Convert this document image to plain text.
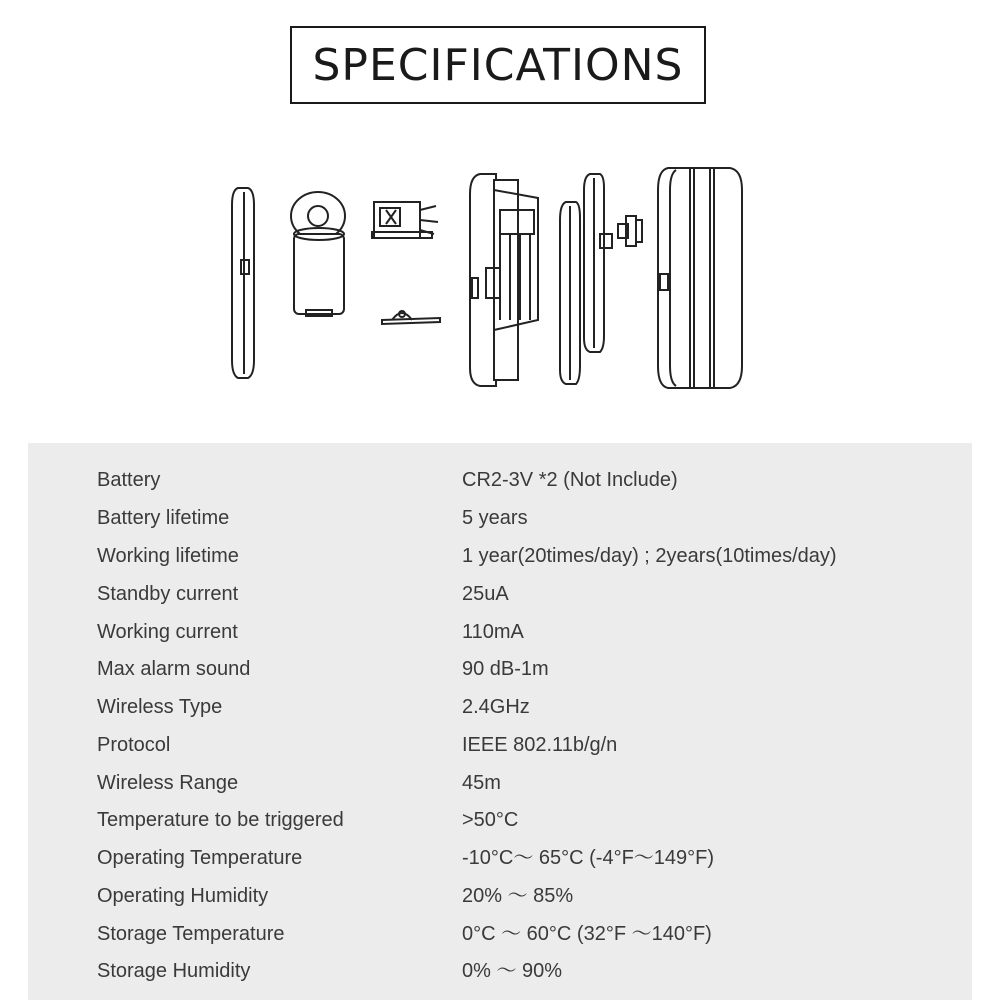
SPECIFICATIONS
Battery	CR2-3V *2 (Not Include)
Battery lifetime	5 years
Working lifetime	1 year(20times/day) ; 2years(10times/day)
Standby current	25uA
Working current	110mA
Max alarm sound	90 dB-1m
Wireless Type	2.4GHz
Protocol	IEEE 802.11b/g/n
Wireless Range	45m
Temperature to be triggered	>50°C
Operating Temperature	-10°C～ 65°C (-4°F～149°F)
Operating Humidity	20% ～ 85%
Storage Temperature	0°C ～ 60°C (32°F ～140°F)
Storage Humidity	0% ～ 90%
